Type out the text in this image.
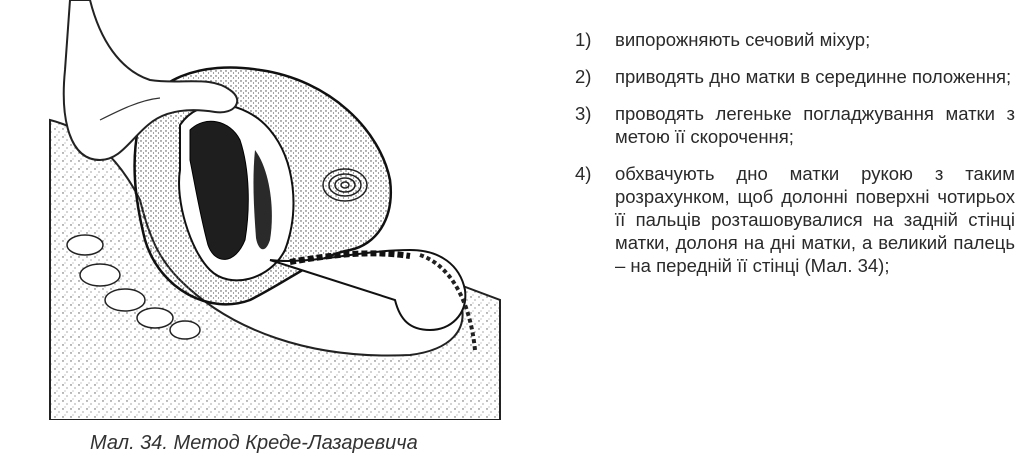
Мал. 34. Метод Креде-Лазаревича
1)	випорожняють сечовий міхур;
2)	приводять дно матки в серединне положення;
3)	проводять легеньке погладжування матки з метою її скорочення;
4)	обхвачують дно матки рукою з таким розрахунком, щоб долонні поверхні чотирьох її пальців розташовувалися на задній стінці матки, долоня на дні матки, а великий палець – на передній її стінці (Мал. 34);
